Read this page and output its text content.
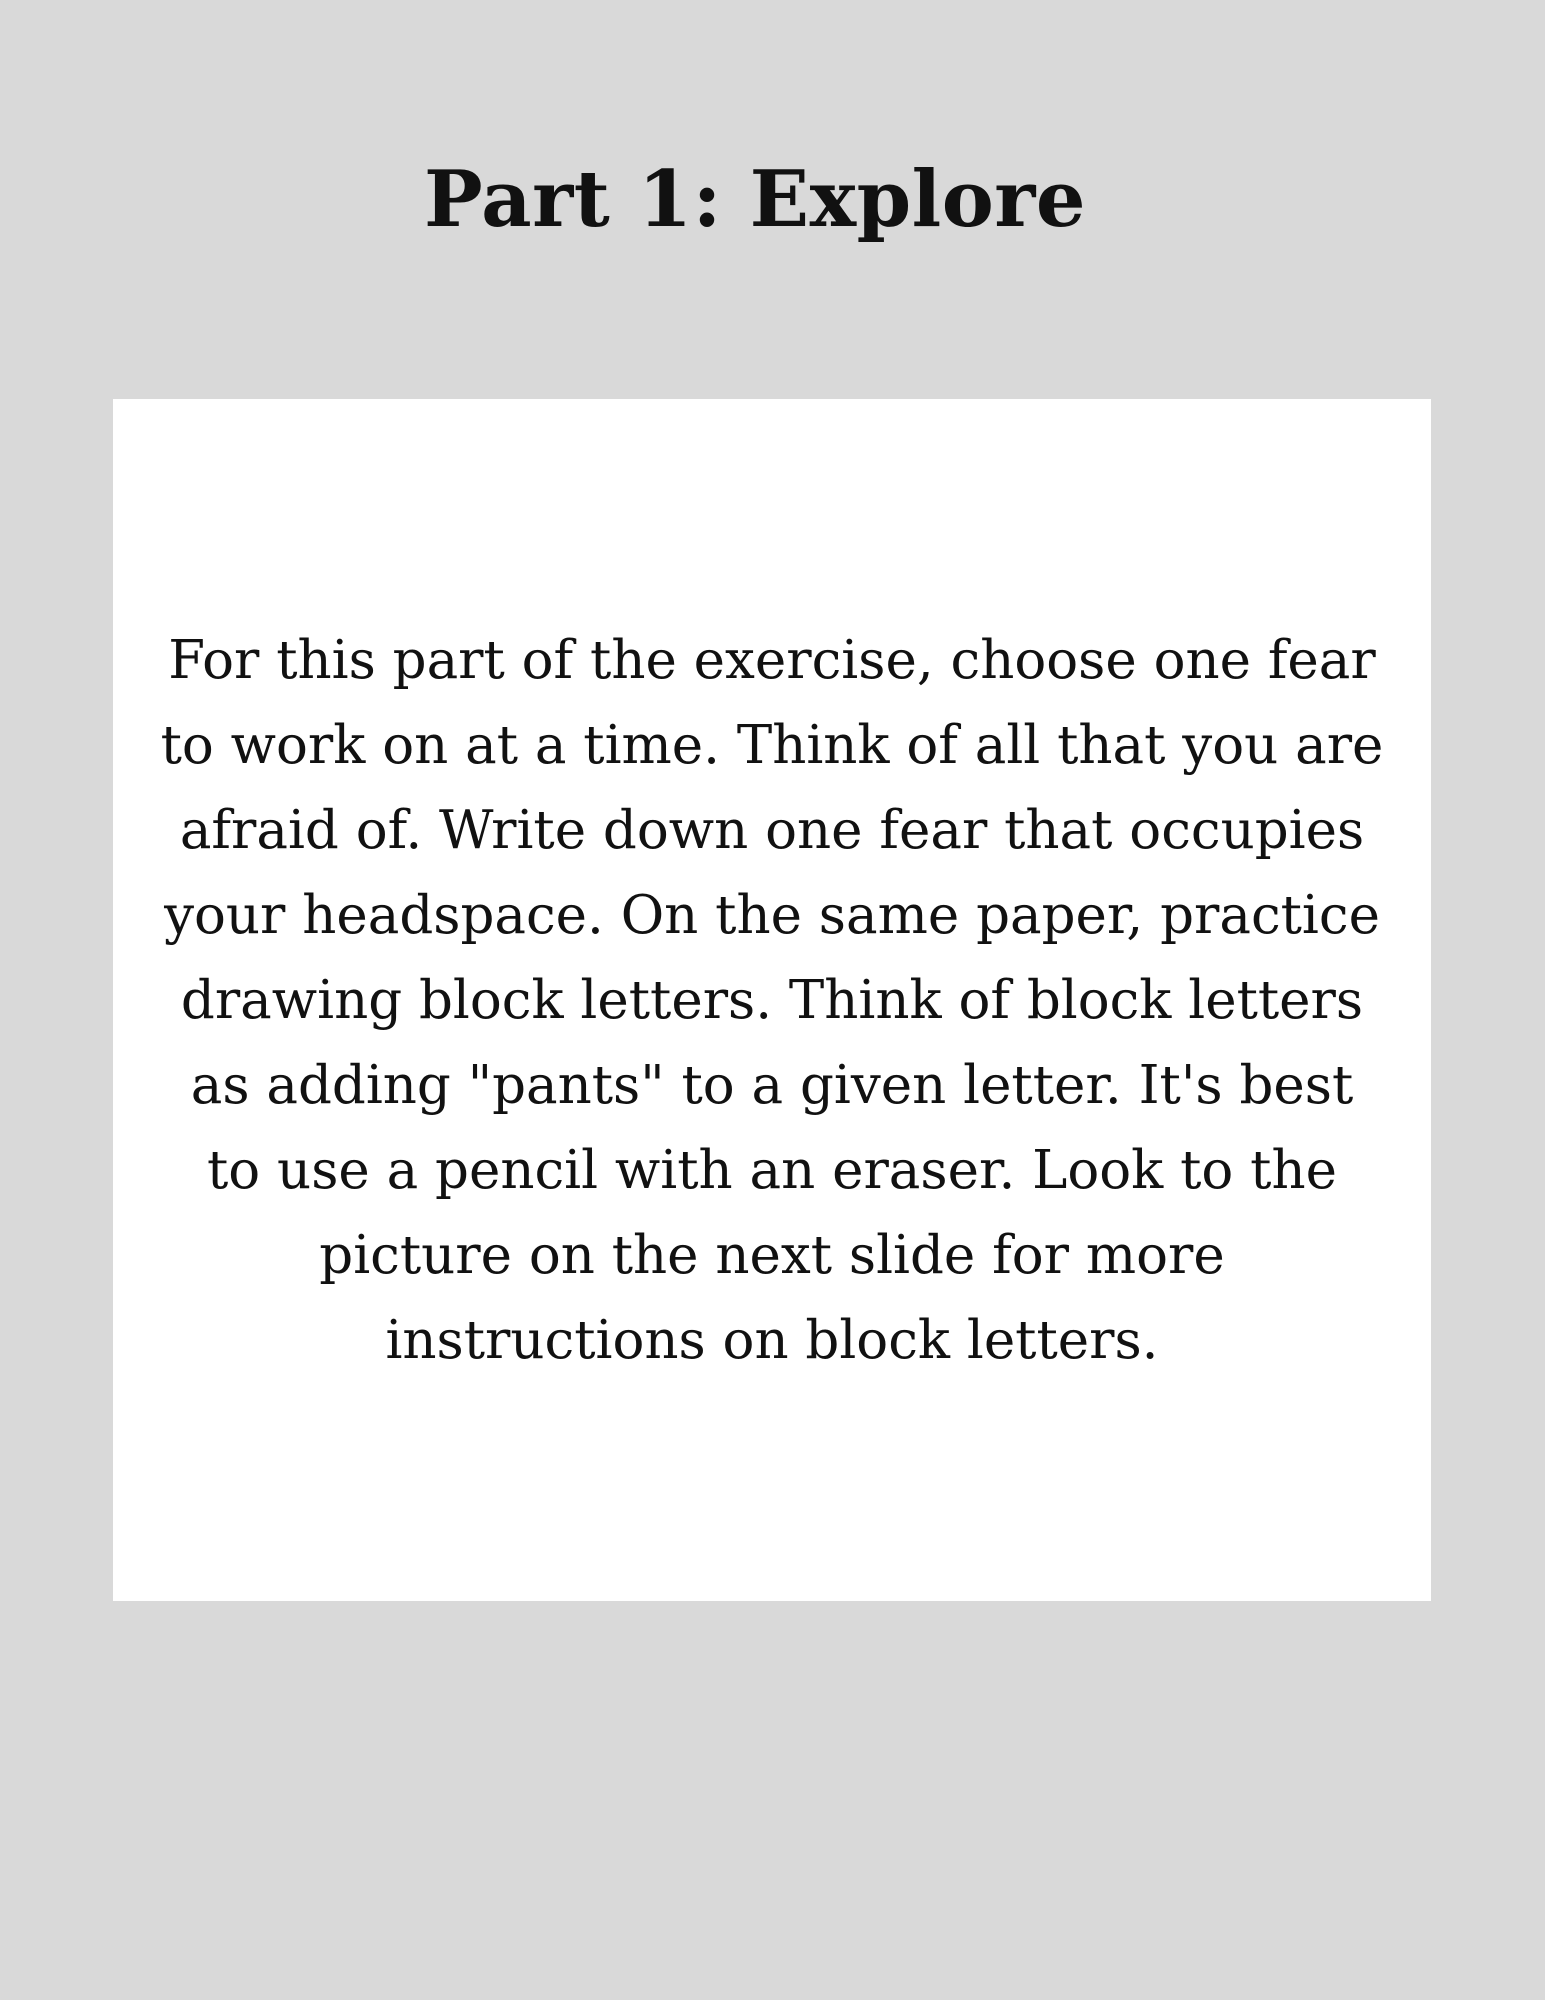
Part 1: Explore

For this part of the exercise, choose one fear to work on at a time. Think of all that you are afraid of. Write down one fear that occupies your headspace. On the same paper, practice drawing block letters. Think of block letters as adding "pants" to a given letter. It's best to use a pencil with an eraser. Look to the picture on the next slide for more instructions on block letters.
